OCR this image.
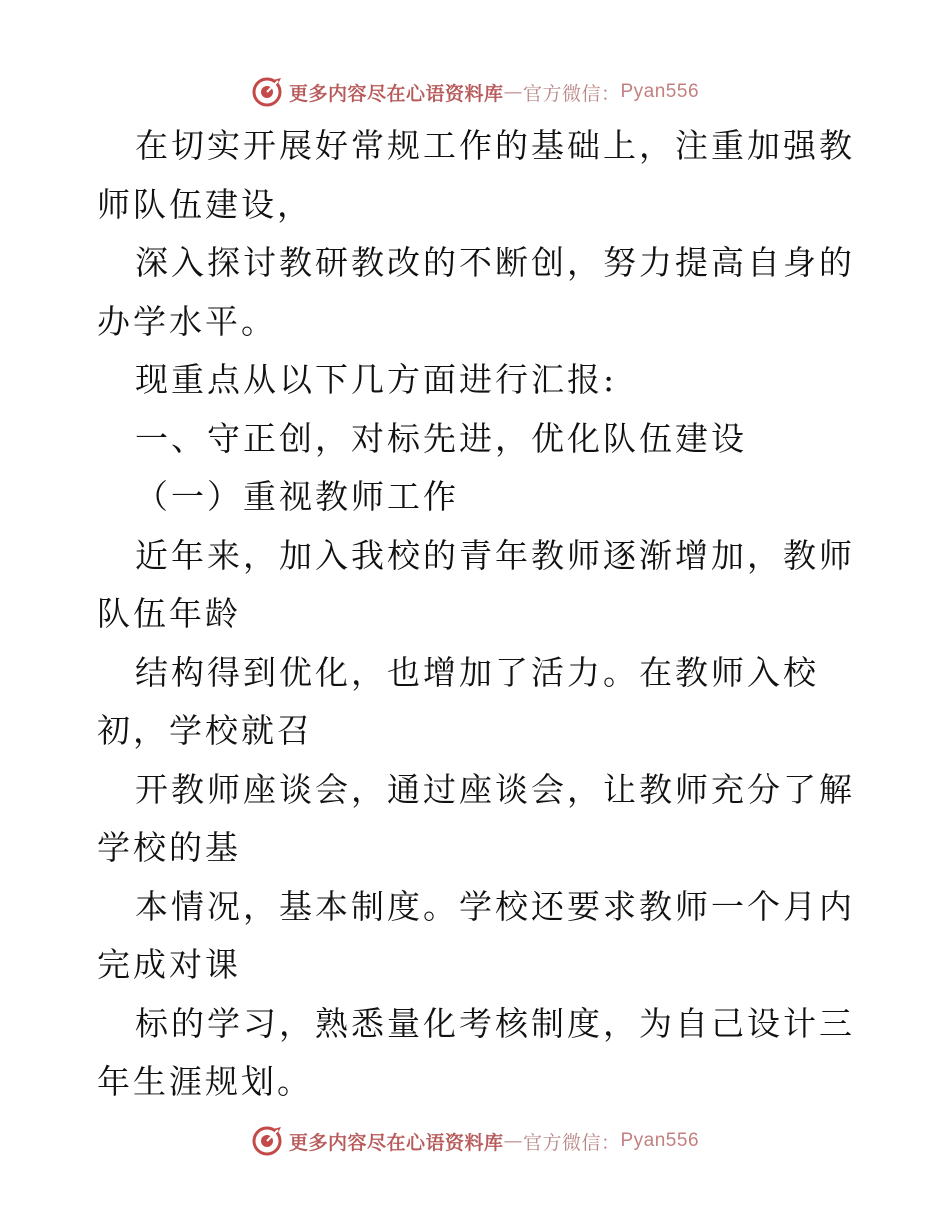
更多内容尽在心语资料库 — 官方微信： Pyan556

在切实开展好常规工作的基础上，注重加强教师队伍建设，

深入探讨教研教改的不断创，努力提高自身的办学水平。

现重点从以下几方面进行汇报:

一、守正创，对标先进，优化队伍建设

（一）重视教师工作

近年来，加入我校的青年教师逐渐增加，教师队伍年龄

结构得到优化，也增加了活力。在教师入校初，学校就召

开教师座谈会，通过座谈会，让教师充分了解学校的基

本情况，基本制度。学校还要求教师一个月内完成对课

标的学习，熟悉量化考核制度，为自己设计三年生涯规划。

更多内容尽在心语资料库 — 官方微信： Pyan556
